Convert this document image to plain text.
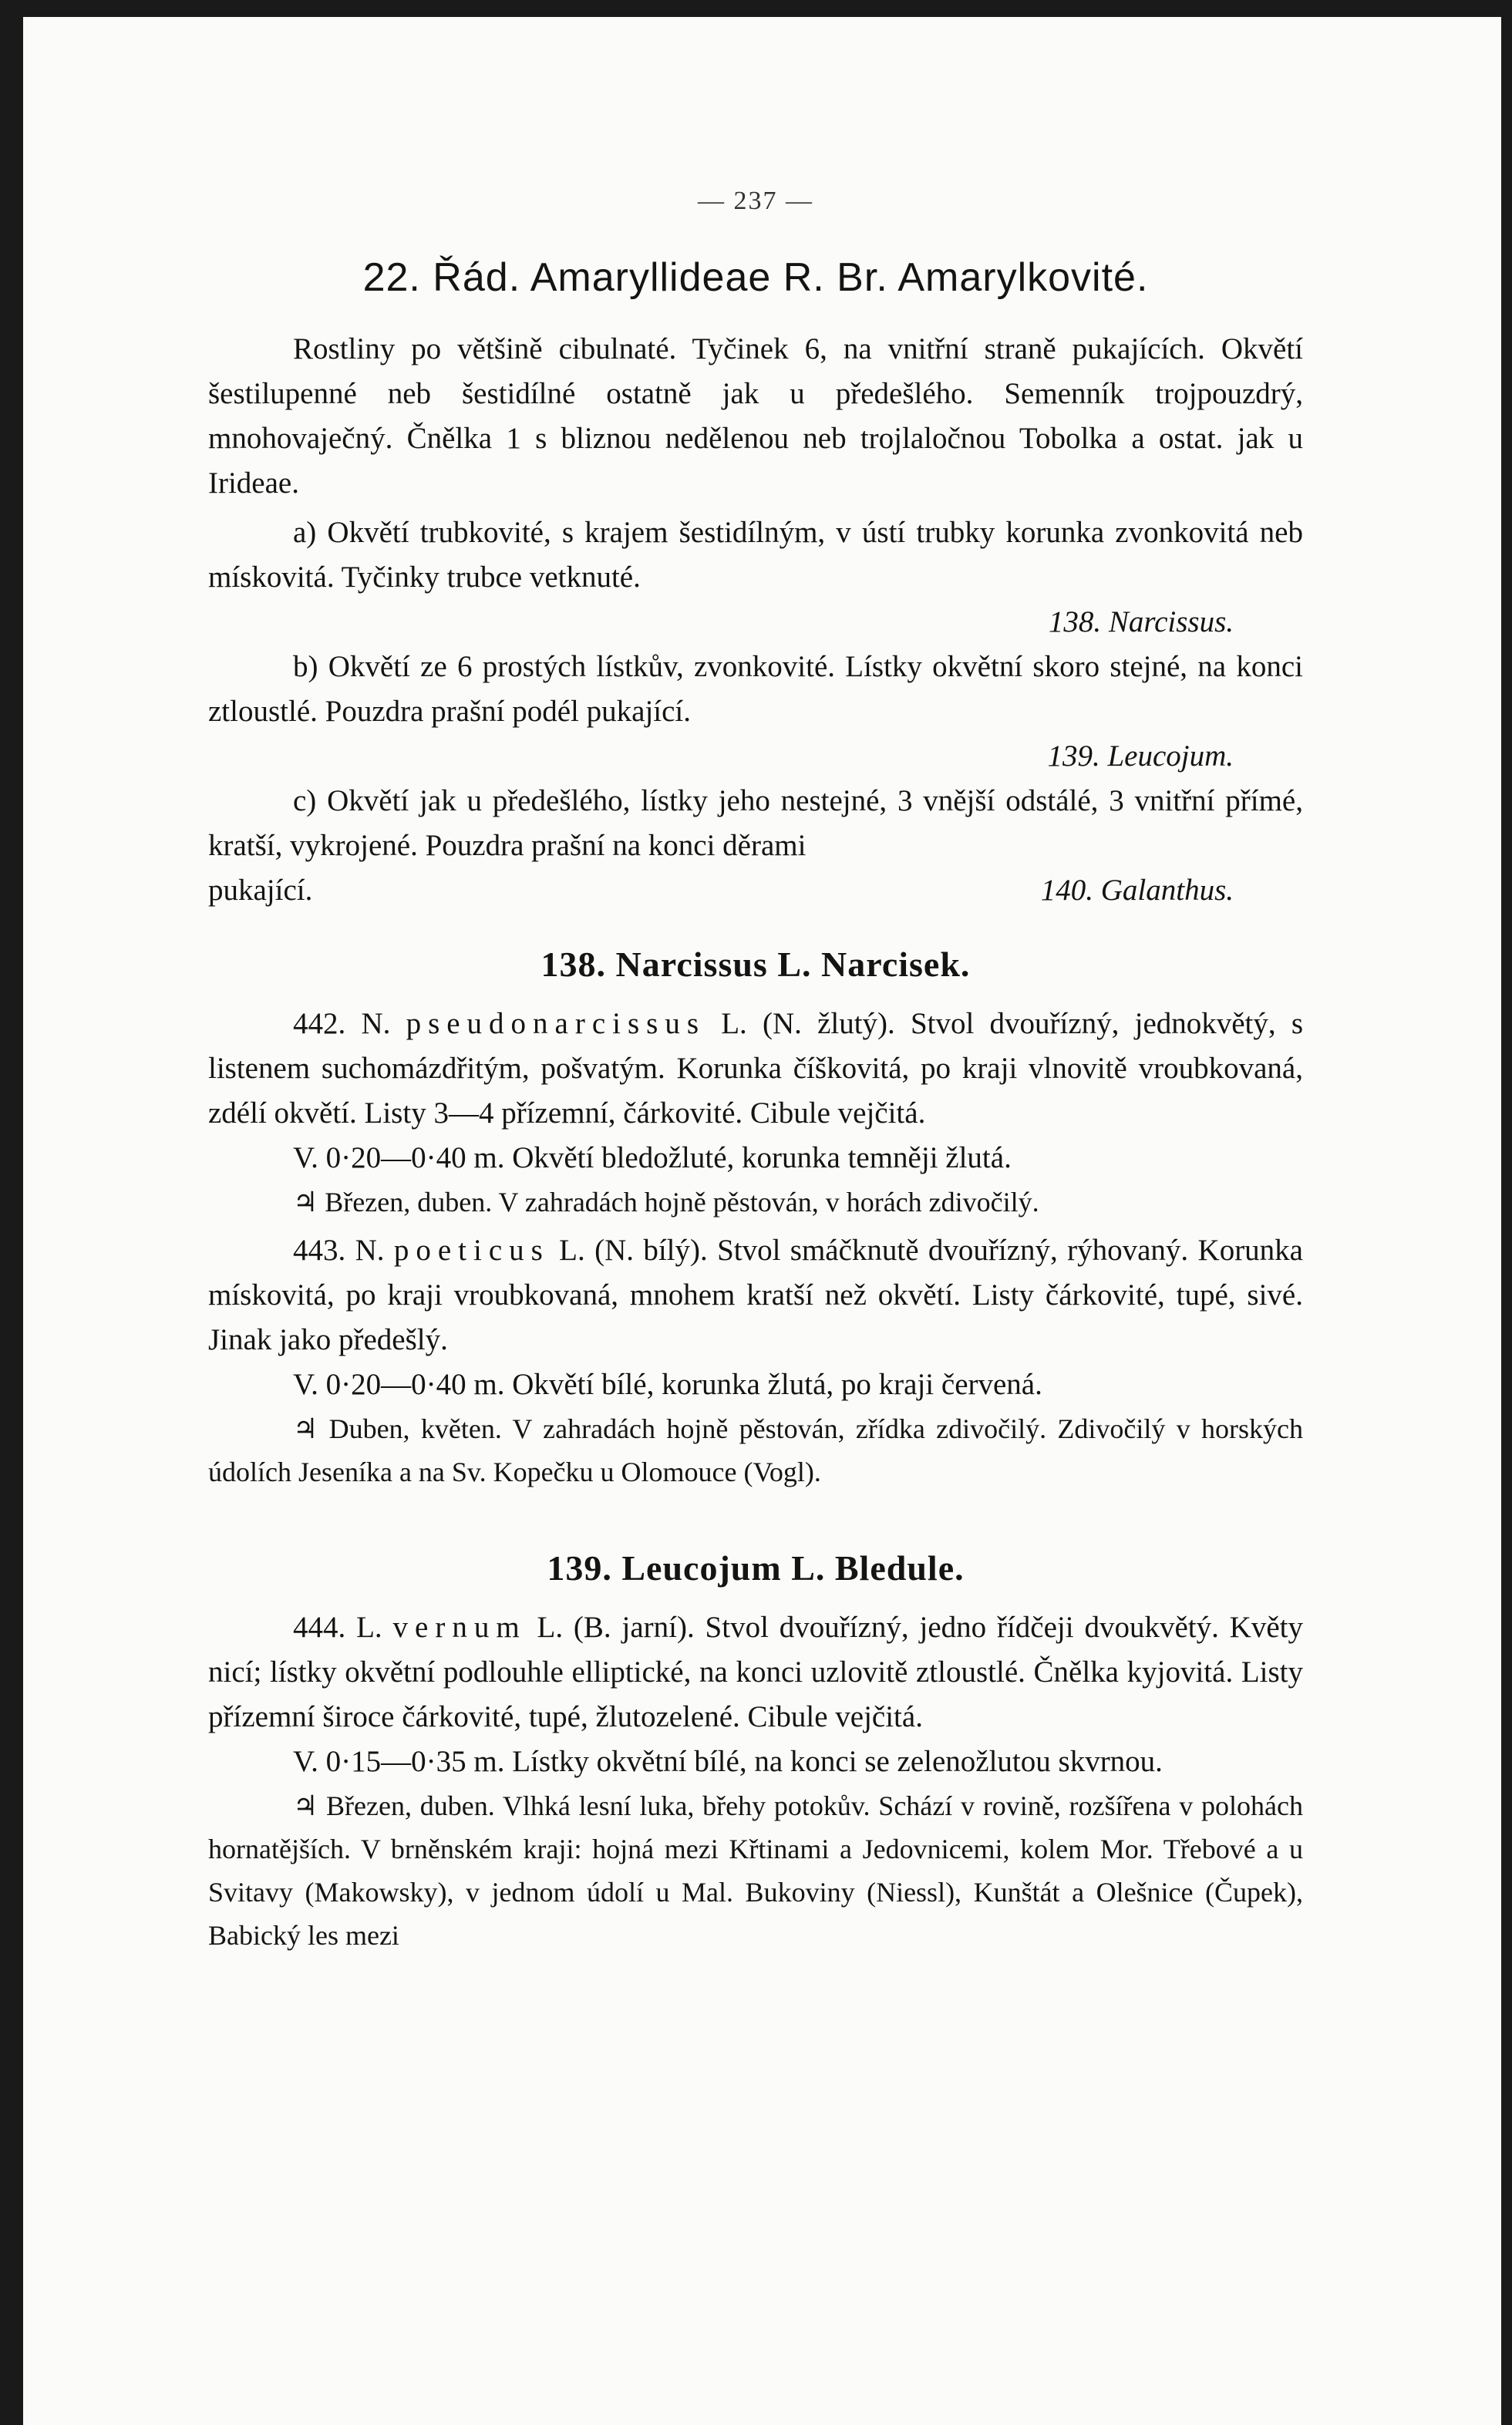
— 237 —
22. Řád. Amaryllideae R. Br. Amarylkovité.

Rostliny po většině cibulnaté. Tyčinek 6, na vnitřní straně pukajících. Okvětí šestilupenné neb šestidílné ostatně jak u předešlého. Semenník trojpouzdrý, mnohovaječný. Čnělka 1 s bliznou nedělenou neb trojlaločnou Tobolka a ostat. jak u Irideae.

a) Okvětí trubkovité, s krajem šestidílným, v ústí trubky korunka zvonkovitá neb mískovitá. Tyčinky trubce vetknuté.

138. Narcissus.

b) Okvětí ze 6 prostých lístkův, zvonkovité. Lístky okvětní skoro stejné, na konci ztloustlé. Pouzdra prašní podél pukající.

139. Leucojum.

c) Okvětí jak u předešlého, lístky jeho nestejné, 3 vnější odstálé, 3 vnitřní přímé, kratší, vykrojené. Pouzdra prašní na konci děrami

pukající.	140. Galanthus.
138. Narcissus L. Narcisek.

442. N. pseudonarcissus L. (N. žlutý). Stvol dvouřízný, jednokvětý, s listenem suchomázdřitým, pošvatým. Korunka číškovitá, po kraji vlnovitě vroubkovaná, zdélí okvětí. Listy 3—4 přízemní, čárkovité. Cibule vejčitá.

V. 0·20—0·40 m. Okvětí bledožluté, korunka temněji žlutá.

♃ Březen, duben. V zahradách hojně pěstován, v horách zdivočilý.

443. N. poeticus L. (N. bílý). Stvol smáčknutě dvouřízný, rýhovaný. Korunka mískovitá, po kraji vroubkovaná, mnohem kratší než okvětí. Listy čárkovité, tupé, sivé. Jinak jako předešlý.

V. 0·20—0·40 m. Okvětí bílé, korunka žlutá, po kraji červená.

♃ Duben, květen. V zahradách hojně pěstován, zřídka zdivočilý. Zdivočilý v horských údolích Jeseníka a na Sv. Kopečku u Olomouce (Vogl).

139. Leucojum L. Bledule.

444. L. vernum L. (B. jarní). Stvol dvouřízný, jedno řídčeji dvoukvětý. Květy nicí; lístky okvětní podlouhle elliptické, na konci uzlovitě ztloustlé. Čnělka kyjovitá. Listy přízemní široce čárkovité, tupé, žlutozelené. Cibule vejčitá.

V. 0·15—0·35 m. Lístky okvětní bílé, na konci se zelenožlutou skvrnou.

♃ Březen, duben. Vlhká lesní luka, břehy potokův. Schází v rovině, rozšířena v polohách hornatějších. V brněnském kraji: hojná mezi Křtinami a Jedovnicemi, kolem Mor. Třebové a u Svitavy (Makowsky), v jednom údolí u Mal. Bukoviny (Niessl), Kunštát a Olešnice (Čupek), Babický les mezi
